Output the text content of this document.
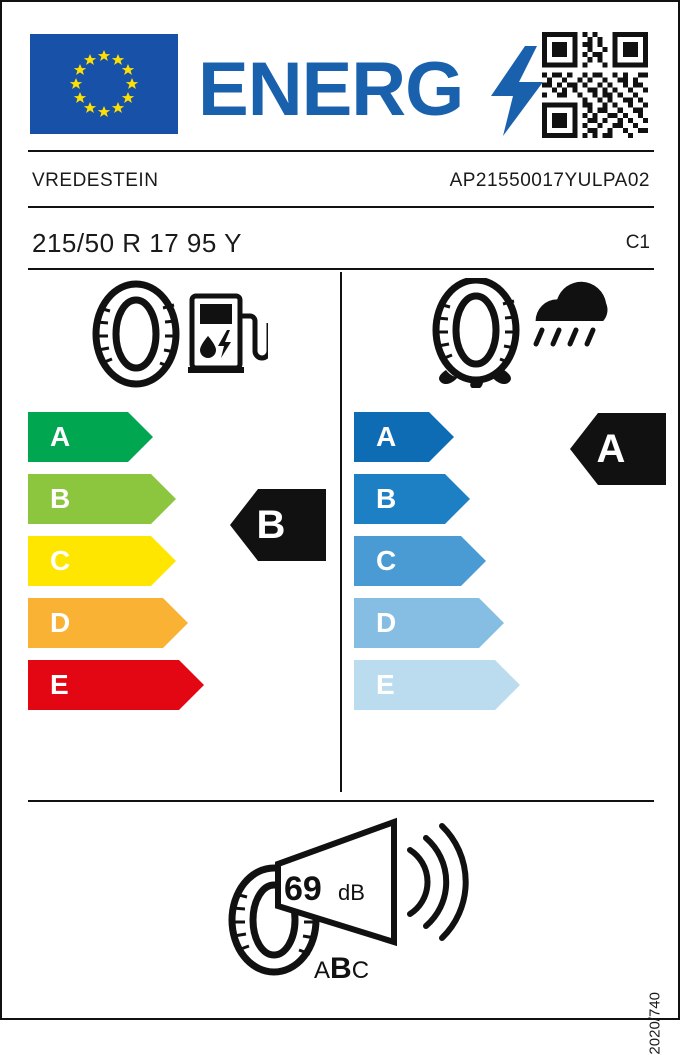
ENERG
VREDESTEIN	AP21550017YULPA02
215/50 R 17 95 Y	C1
A
B
C
D
E
B
A
B
C
D
E
A
69 dB
ABC
2020/740
